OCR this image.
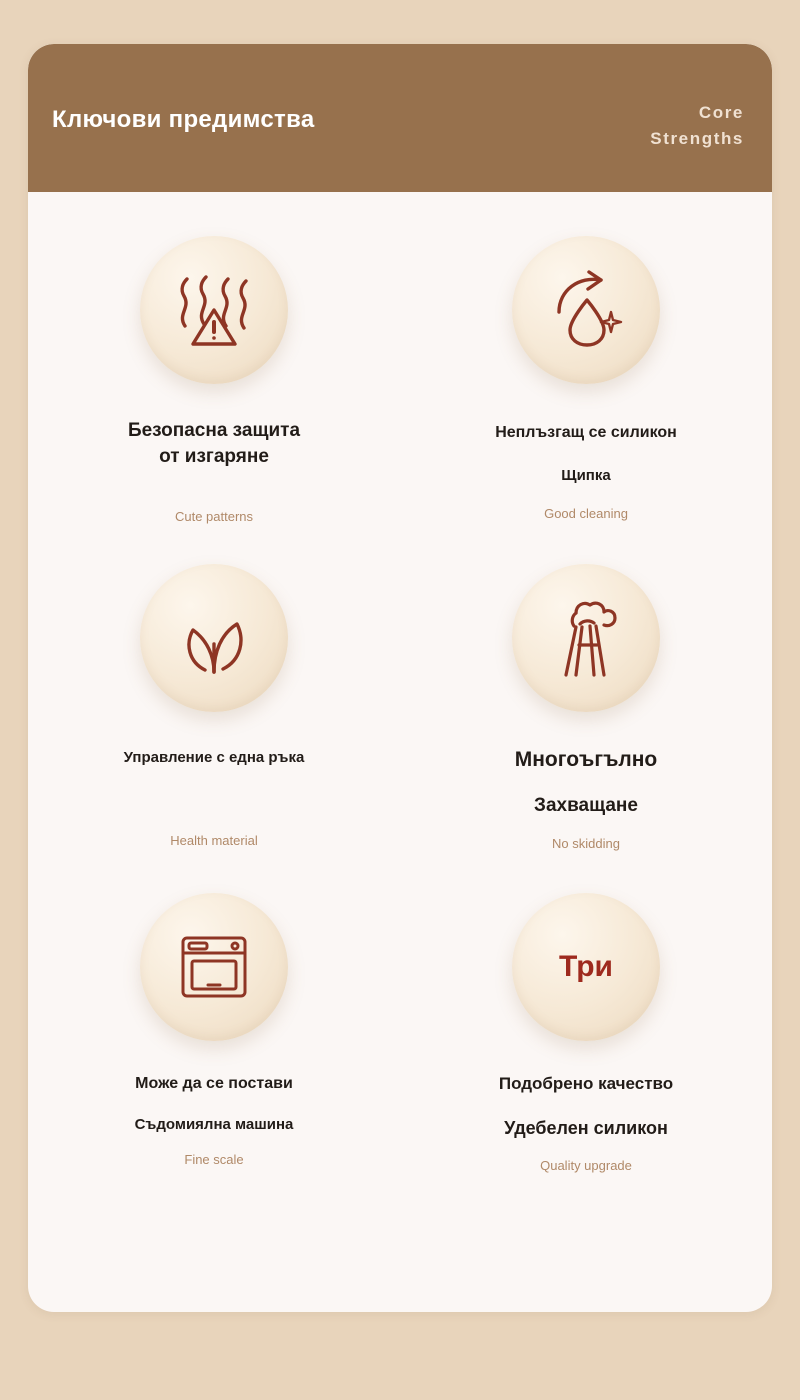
Ключови предимства	Core
Strengths
Безопасна защита
от изгаряне
Cute patterns
Неплъзгащ се силикон
Щипка
Good cleaning
Управление с една ръка
Health material
Многоъгълно
Захващане
No skidding
Може да се постави
Съдомиялна машина
Fine scale
Три
Подобрено качество
Удебелен силикон
Quality upgrade
